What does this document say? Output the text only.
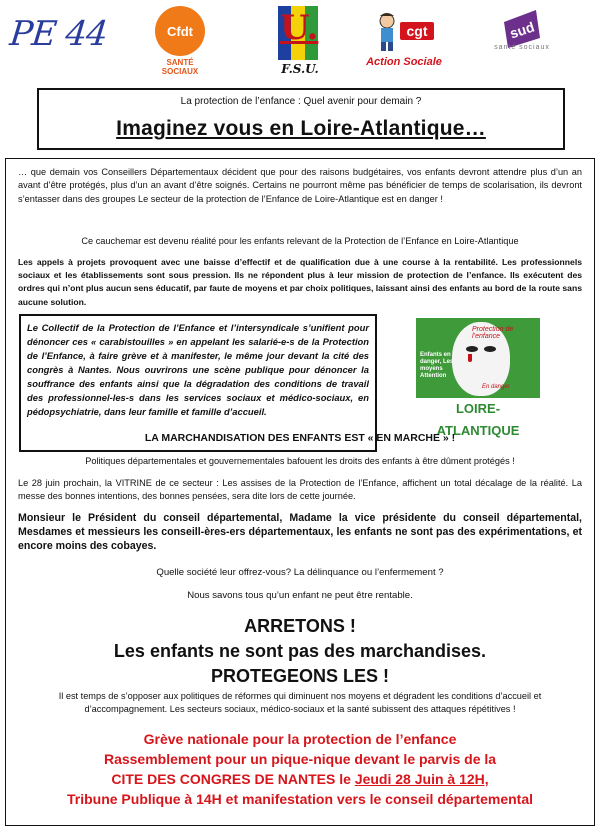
PE 44	Cfdt
SANTÉ
SOCIAUX
U.
F.S.U.
cgt
Action Sociale
sud
santé sociaux
La protection de l’enfance : Quel avenir pour demain ?
Imaginez vous en Loire-Atlantique…
… que demain vos Conseillers Départementaux décident que pour des raisons budgétaires, vos enfants devront attendre plus d’un an avant d’être protégés, plus d’un an avant d’être soignés. Certains ne pourront même pas bénéficier de temps de scolarisation, ils devront s’entasser dans des groupes Le secteur de la protection de l’Enfance de Loire-Atlantique est en danger !
Ce cauchemar est devenu réalité pour les enfants relevant de la Protection de l’Enfance en Loire-Atlantique
Les appels à projets provoquent avec une baisse d’effectif et de qualification due à une course à la rentabilité. Les professionnels sociaux et les établissements sont sous pression. Ils ne répondent plus à leur mission de protection de l’enfance. Ils exécutent des ordres qui n’ont plus aucun sens éducatif, par faute de moyens et par choix politiques, laissant ainsi des enfants au bord de la route sans aucune solution.
Le Collectif de la Protection de l’Enfance et l’intersyndicale s’unifient pour dénoncer ces « carabistouilles » en appelant les salarié-e-s de la Protection de l’Enfance, à faire grève et à manifester, le même jour devant la cité des congrès à Nantes. Nous ouvrirons une scène publique pour dénoncer la souffrance des enfants ainsi que la dégradation des conditions de travail des professionnel-les-s dans les services sociaux et médico-sociaux, en pédopsychiatrie, dans leur famille et famille d’accueil.
Protection de l’enfance
Enfants en danger, Les moyens Attention
En danger
LOIRE-ATLANTIQUE
LA MARCHANDISATION DES ENFANTS EST « EN MARCHE » !
Politiques départementales et gouvernementales bafouent les droits des enfants à être dûment protégés !
Le 28 juin prochain, la VITRINE de ce secteur : Les assises de la Protection de l’Enfance, affichent un total décalage de la réalité. La messe des bonnes intentions, des bonnes pensées, sera dite lors de cette journée.
Monsieur le Président du conseil départemental, Madame la vice présidente du conseil départemental, Mesdames et messieurs les conseill-ères-ers départementaux, les enfants ne sont pas des expérimentations, et encore moins des cobayes.
Quelle société leur offrez-vous? La délinquance ou l’enfermement ?
Nous savons tous qu’un enfant ne peut être rentable.
ARRETONS !
Les enfants ne sont pas des marchandises.
PROTEGEONS LES !
Il est temps de s’opposer aux politiques de réformes qui diminuent nos moyens et dégradent les conditions d’accueil et d’accompagnement. Les secteurs sociaux, médico-sociaux et la santé subissent des attaques répétitives !
Grève nationale pour la protection de l’enfance
Rassemblement pour un pique-nique devant le parvis de la
CITE DES CONGRES DE NANTES le Jeudi 28 Juin à 12H,
Tribune Publique à 14H et manifestation vers le conseil départemental
